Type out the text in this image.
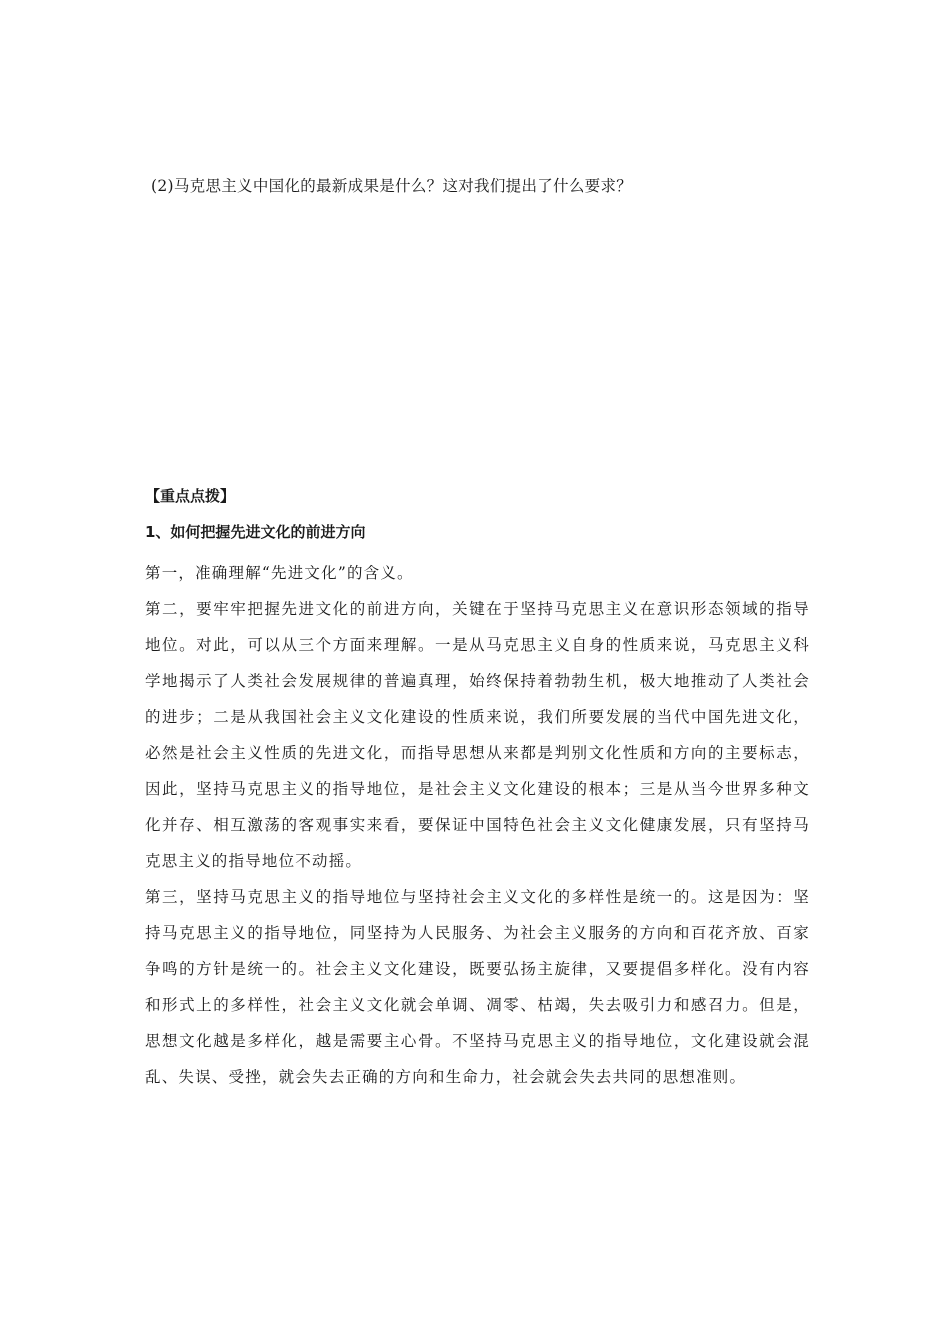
(2)马克思主义中国化的最新成果是什么？这对我们提出了什么要求？
【重点点拨】
1、如何把握先进文化的前进方向

第一，准确理解“先进文化”的含义。

第二，要牢牢把握先进文化的前进方向，关键在于坚持马克思主义在意识形态领域的指导地位。对此，可以从三个方面来理解。一是从马克思主义自身的性质来说，马克思主义科学地揭示了人类社会发展规律的普遍真理，始终保持着勃勃生机，极大地推动了人类社会的进步；二是从我国社会主义文化建设的性质来说，我们所要发展的当代中国先进文化，必然是社会主义性质的先进文化，而指导思想从来都是判别文化性质和方向的主要标志，因此，坚持马克思主义的指导地位，是社会主义文化建设的根本；三是从当今世界多种文化并存、相互激荡的客观事实来看，要保证中国特色社会主义文化健康发展，只有坚持马克思主义的指导地位不动摇。

第三，坚持马克思主义的指导地位与坚持社会主义文化的多样性是统一的。这是因为：坚持马克思主义的指导地位，同坚持为人民服务、为社会主义服务的方向和百花齐放、百家争鸣的方针是统一的。社会主义文化建设，既要弘扬主旋律，又要提倡多样化。没有内容和形式上的多样性，社会主义文化就会单调、凋零、枯竭，失去吸引力和感召力。但是，思想文化越是多样化，越是需要主心骨。不坚持马克思主义的指导地位，文化建设就会混乱、失误、受挫，就会失去正确的方向和生命力，社会就会失去共同的思想准则。
